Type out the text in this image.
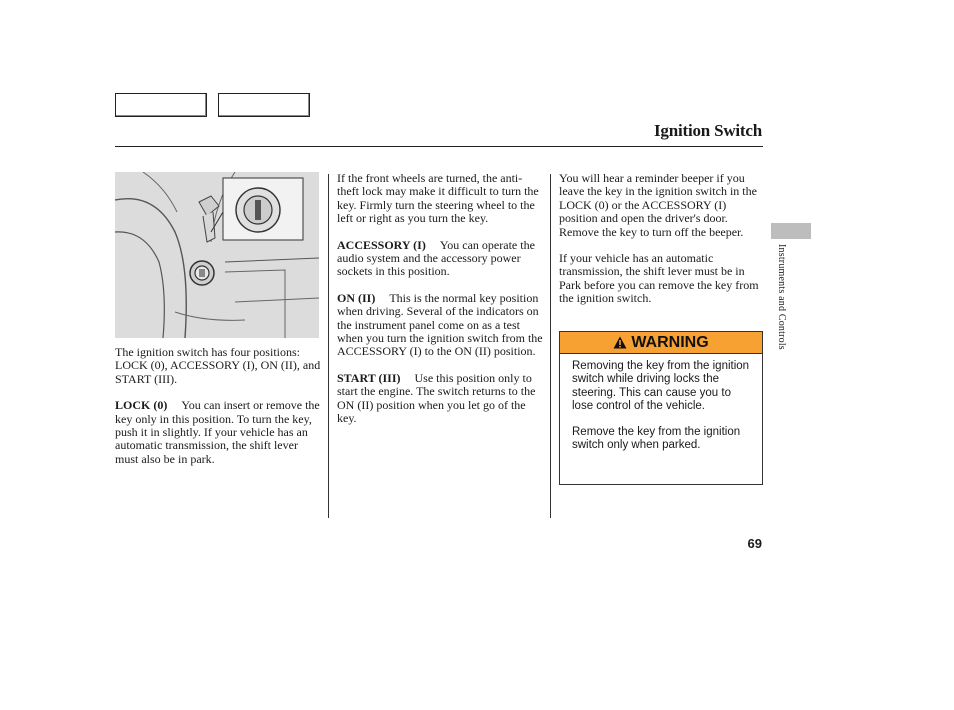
Ignition Switch
Instruments and Controls

The ignition switch has four positions: LOCK (0), ACCESSORY (I), ON (II), and START (III).

LOCK (0) You can insert or remove the key only in this position. To turn the key, push it in slightly. If your vehicle has an automatic transmission, the shift lever must also be in park.

If the front wheels are turned, the anti-theft lock may make it difficult to turn the key. Firmly turn the steering wheel to the left or right as you turn the key.

ACCESSORY (I) You can operate the audio system and the accessory power sockets in this position.

ON (II) This is the normal key position when driving. Several of the indicators on the instrument panel come on as a test when you turn the ignition switch from the ACCESSORY (I) to the ON (II) position.

START (III) Use this position only to start the engine. The switch returns to the ON (II) position when you let go of the key.

You will hear a reminder beeper if you leave the key in the ignition switch in the LOCK (0) or the ACCESSORY (I) position and open the driver's door. Remove the key to turn off the beeper.

If your vehicle has an automatic transmission, the shift lever must be in Park before you can remove the key from the ignition switch.

WARNING

Removing the key from the ignition switch while driving locks the steering. This can cause you to lose control of the vehicle.

Remove the key from the ignition switch only when parked.

69
